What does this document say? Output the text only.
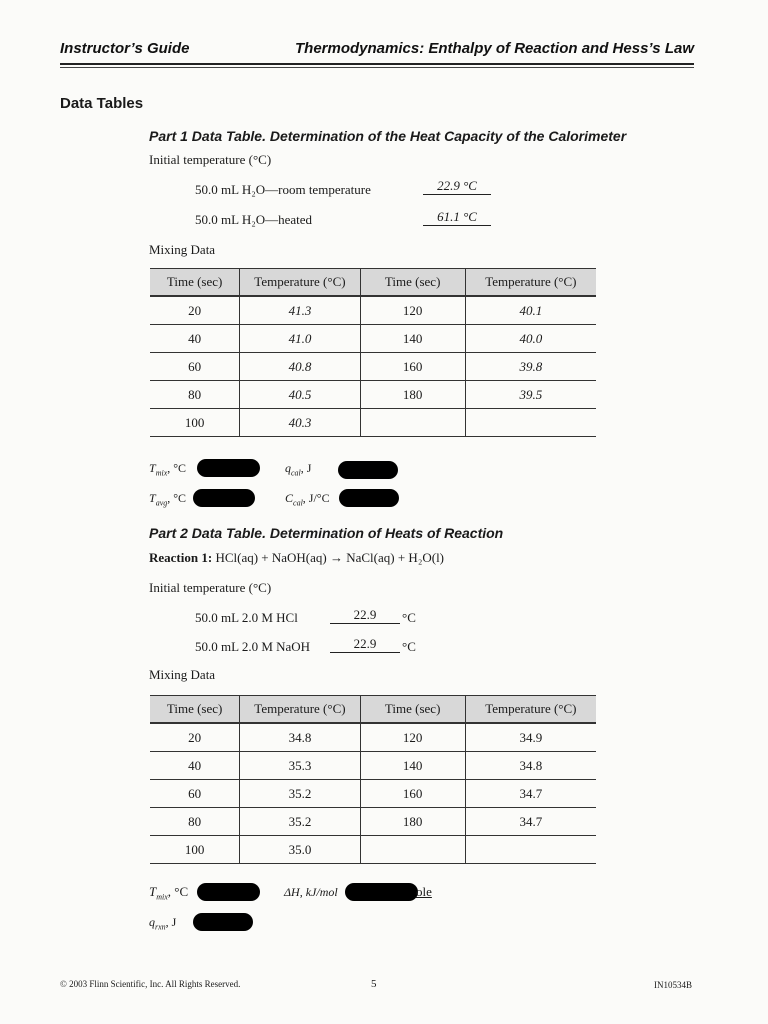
Instructor’s Guide	Thermodynamics: Enthalpy of Reaction and Hess’s Law
Data Tables
Part 1 Data Table. Determination of the Heat Capacity of the Calorimeter
Initial temperature (°C)
50.0 mL H₂O—room temperature	22.9 °C
50.0 mL H₂O—heated	61.1 °C
Mixing Data
Time (sec)	Temperature (°C)	Time (sec)	Temperature (°C)
20	41.3	120	40.1
40	41.0	140	40.0
60	40.8	160	39.8
80	40.5	180	39.5
100	40.3		
$T_{mix}$, °C	$q_{cal}$, J
$T_{avg}$, °C	$C_{cal}$, J/°C
Part 2 Data Table. Determination of Heats of Reaction
Reaction 1: HCl(aq) + NaOH(aq) → NaCl(aq) + H₂O(l)
Initial temperature (°C)
50.0 mL 2.0 M HCl	22.9	°C
50.0 mL 2.0 M NaOH	22.9	°C
Mixing Data
Time (sec)	Temperature (°C)	Time (sec)	Temperature (°C)
20	34.8	120	34.9
40	35.3	140	34.8
60	35.2	160	34.7
80	35.2	180	34.7
100	35.0		
$T_{mix}$, °C	ΔH, kJ/mol	ole
$q_{rxn}$, J
© 2003 Flinn Scientific, Inc. All Rights Reserved.	5	IN10534B
